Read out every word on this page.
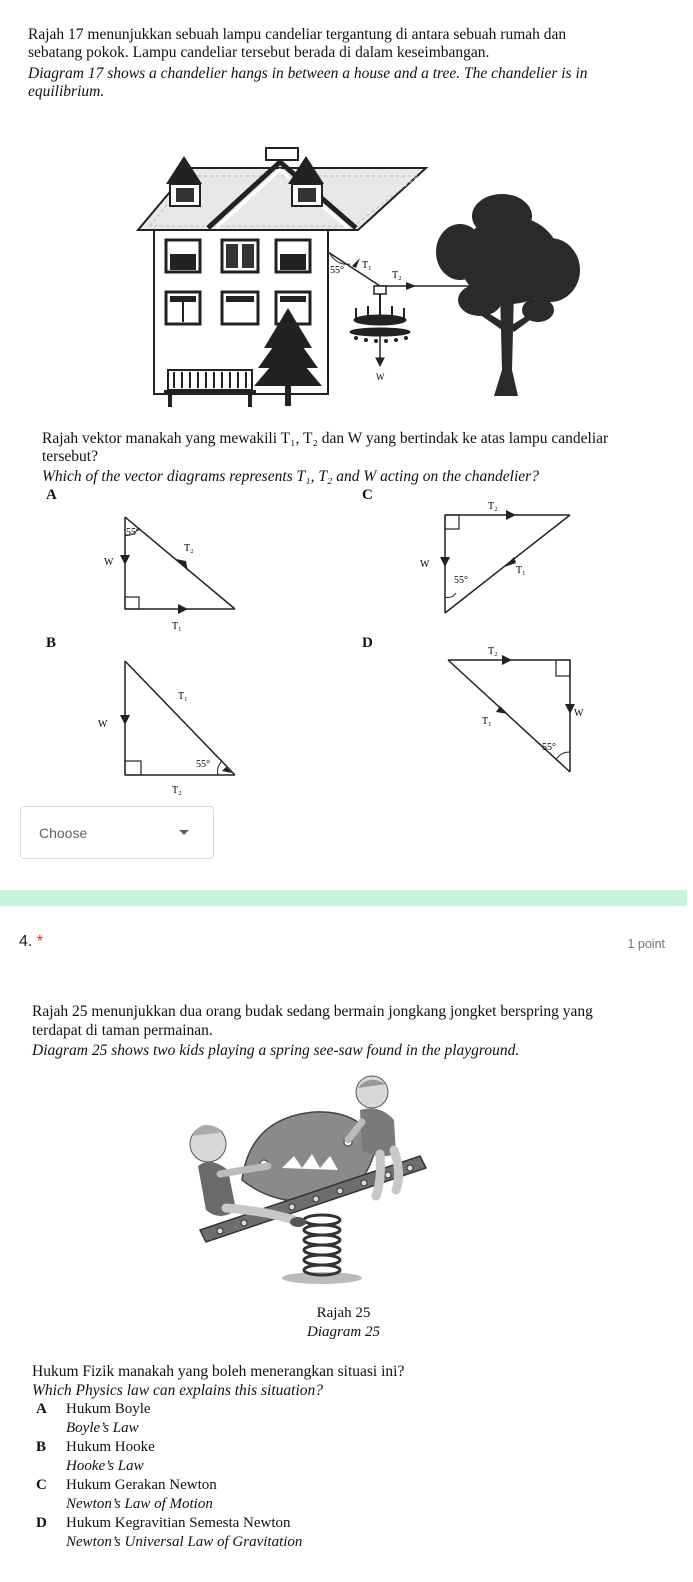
Rajah 17 menunjukkan sebuah lampu candeliar tergantung di antara sebuah rumah dan
sebatang pokok. Lampu candeliar tersebut berada di dalam keseimbangan.
Diagram 17 shows a chandelier hangs in between a house and a tree. The chandelier is in
equilibrium.
55° T₁
T₂
W
Rajah vektor manakah yang mewakili T₁, T₂ dan W yang bertindak ke atas lampu candeliar
tersebut?
Which of the vector diagrams represents T₁, T₂ and W acting on the chandelier?
A
55°
W
T₂
T₁
C
T₂
W
55°
T₁
B
T₁
W
55°
T₂
D
T₂
T₁
W
55°
Choose
4. *	1 point
Rajah 25 menunjukkan dua orang budak sedang bermain jongkang jongket berspring yang
terdapat di taman permainan.
Diagram 25 shows two kids playing a spring see-saw found in the playground.
Rajah 25
Diagram 25
Hukum Fizik manakah yang boleh menerangkan situasi ini?
Which Physics law can explains this situation?
A Hukum Boyle
Boyle’s Law
B Hukum Hooke
Hooke’s Law
C Hukum Gerakan Newton
Newton’s Law of Motion
D Hukum Kegravitian Semesta Newton
Newton’s Universal Law of Gravitation
